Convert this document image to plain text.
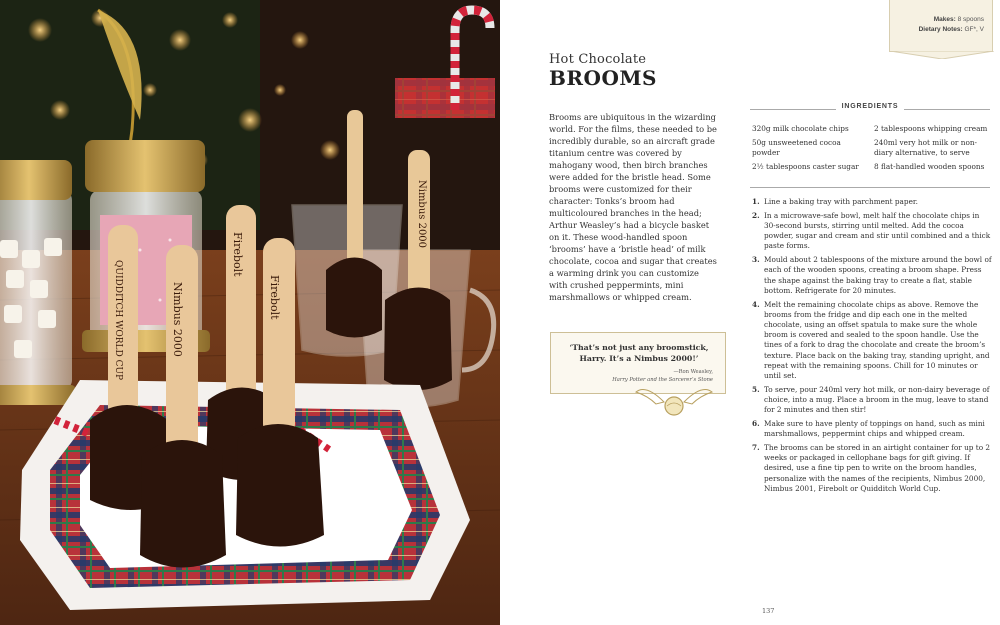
Nimbus 2000
QUIDDITCH WORLD CUP
Firebolt
Nimbus 2000	Firebolt
Makes: 8 spoons
Dietary Notes: GF*, V
Hot Chocolate
BROOMS

Brooms are ubiquitous in the wizarding world. For the films, these needed to be incredibly durable, so an aircraft grade titanium centre was covered by mahogany wood, then birch branches were added for the bristle head. Some brooms were customized for their character: Tonks’s broom had multicoloured branches in the head; Arthur Weasley’s had a bicycle basket on it. These wood-handled spoon ‘brooms’ have a ‘bristle head’ of milk chocolate, cocoa and sugar that creates a warming drink you can customize with crushed peppermints, mini marshmallows or whipped cream.

‘That’s not just any broomstick, Harry. It’s a Nimbus 2000!’
—Ron Weasley,
Harry Potter and the Sorcerer’s Stone
INGREDIENTS
320g milk chocolate chips
50g unsweetened cocoa powder
2½ tablespoons caster sugar
2 tablespoons whipping cream
240ml very hot milk or non-diary alternative, to serve
8 flat-handled wooden spoons
1. Line a baking tray with parchment paper.
2. In a microwave-safe bowl, melt half the chocolate chips in 30-second bursts, stirring until melted. Add the cocoa powder, sugar and cream and stir until combined and a thick paste forms.
3. Mould about 2 tablespoons of the mixture around the bowl of each of the wooden spoons, creating a broom shape. Press the shape against the baking tray to create a flat, stable bottom. Refrigerate for 20 minutes.
4. Melt the remaining chocolate chips as above. Remove the brooms from the fridge and dip each one in the melted chocolate, using an offset spatula to make sure the whole broom is covered and sealed to the spoon handle. Use the tines of a fork to drag the chocolate and create the broom’s texture. Place back on the baking tray, standing upright, and repeat with the remaining spoons. Chill for 10 minutes or until set.
5. To serve, pour 240ml very hot milk, or non-dairy beverage of choice, into a mug. Place a broom in the mug, leave to stand for 2 minutes and then stir!
6. Make sure to have plenty of toppings on hand, such as mini marshmallows, peppermint chips and whipped cream.
7. The brooms can be stored in an airtight container for up to 2 weeks or packaged in cellophane bags for gift giving. If desired, use a fine tip pen to write on the broom handles, personalize with the names of the recipients, Nimbus 2000, Nimbus 2001, Firebolt or Quidditch World Cup.
137
